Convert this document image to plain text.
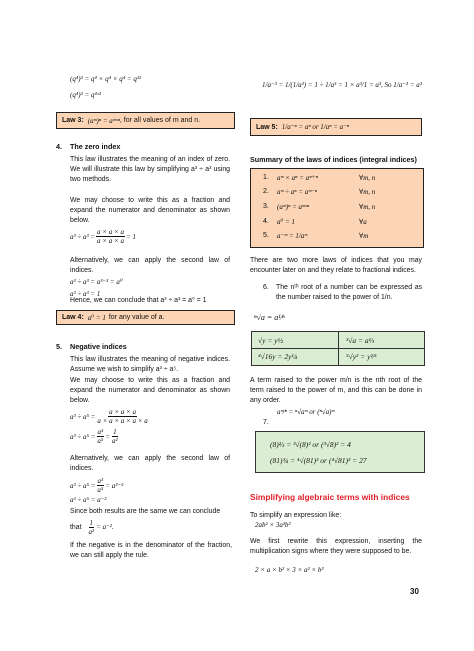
(q⁴)³ = q⁴ × q⁴ × q⁴ = q¹²
(q⁴)³ = q⁴ˣ³
Law 3: (aᵐ)ⁿ = aᵐˣⁿ , for all values of m and n.
4. The zero index
This law illustrates the meaning of an index of zero. We will illustrate this law by simplifying a³ ÷ a³ using two methods.
We may choose to write this as a fraction and expand the numerator and denominator as shown below.
$a^3 \div a^3 = \frac{a \times a \times a}{a \times a \times a} = 1$
Alternatively, we can apply the second law of indices.
a³ ÷ a³ = a³⁻³ = a⁰
a³ ÷ a³ = 1
Hence, we can conclude that a³ ÷ a³ = a⁰ = 1
Law 4: a⁰ = 1 for any value of a.
5. Negative indices
This law illustrates the meaning of negative indices. Assume we wish to simplify a³ ÷ a⁵.
We may choose to write this as a fraction and expand the numerator and denominator as shown below.
$a^3 \div a^5 = \frac{a \times a \times a}{a \times a \times a \times a \times a}$
$a^3 \div a^5 = \frac{\text{a³}}{\text{a⁵}} = \frac{1}{\text{a²}}$
Alternatively, we can apply the second law of indices.
$a^3 \div a^5 = \frac{\text{a³}}{\text{a⁵}} = a^{3-5}$
a³ ÷ a⁵ = a⁻²
Since both results are the same we can conclude
that $\frac{1}{\text{a²}} = a^{-2}$.
If the negative is in the denominator of the fraction, we can still apply the rule.
1/a⁻³ = 1/(1/a³) = 1 ÷ 1/a³ = 1 × a³/1 = a³, So 1/a⁻³ = a³
Law 5: 1/a⁻ⁿ = aⁿ or 1/aⁿ = a⁻ⁿ
Summary of the laws of indices (integral indices)
1. aᵐ × aⁿ = aᵐ⁺ⁿ	∀m, n
2. aᵐ ÷ aⁿ = aᵐ⁻ⁿ	∀m, n
3. (aᵐ)ⁿ = aᵐˣⁿ	∀m, n
4. a⁰ = 1	∀a
5. a⁻ᵐ = 1/aᵐ	∀m
There are two more laws of indices that you may encounter later on and they relate to fractional indices.
6. The nᵗʰ root of a number can be expressed as the number raised to the power of 1/n.
ⁿ√a = a¹⁄ⁿ
√y = y½	³√a = a⅓
⁴√16y = 2y¼	⁵√y² = y²⁄⁵
A term raised to the power m/n is the nth root of the term raised to the power of m, and this can be done in any order.
7.
aᵐ⁄ⁿ = ⁿ√aᵐ or (ⁿ√a)ᵐ
(8)⅔ = ³√(8)² or (³√8)² = 4
(81)¾ = ⁴√(81)³ or (⁴√81)³ = 27
Simplifying algebraic terms with indices
To simplify an expression like:
2ab² × 3a²b³
We first rewrite this expression, inserting the multiplication signs where they were supposed to be.
2 × a × b² × 3 × a² × b³
30
